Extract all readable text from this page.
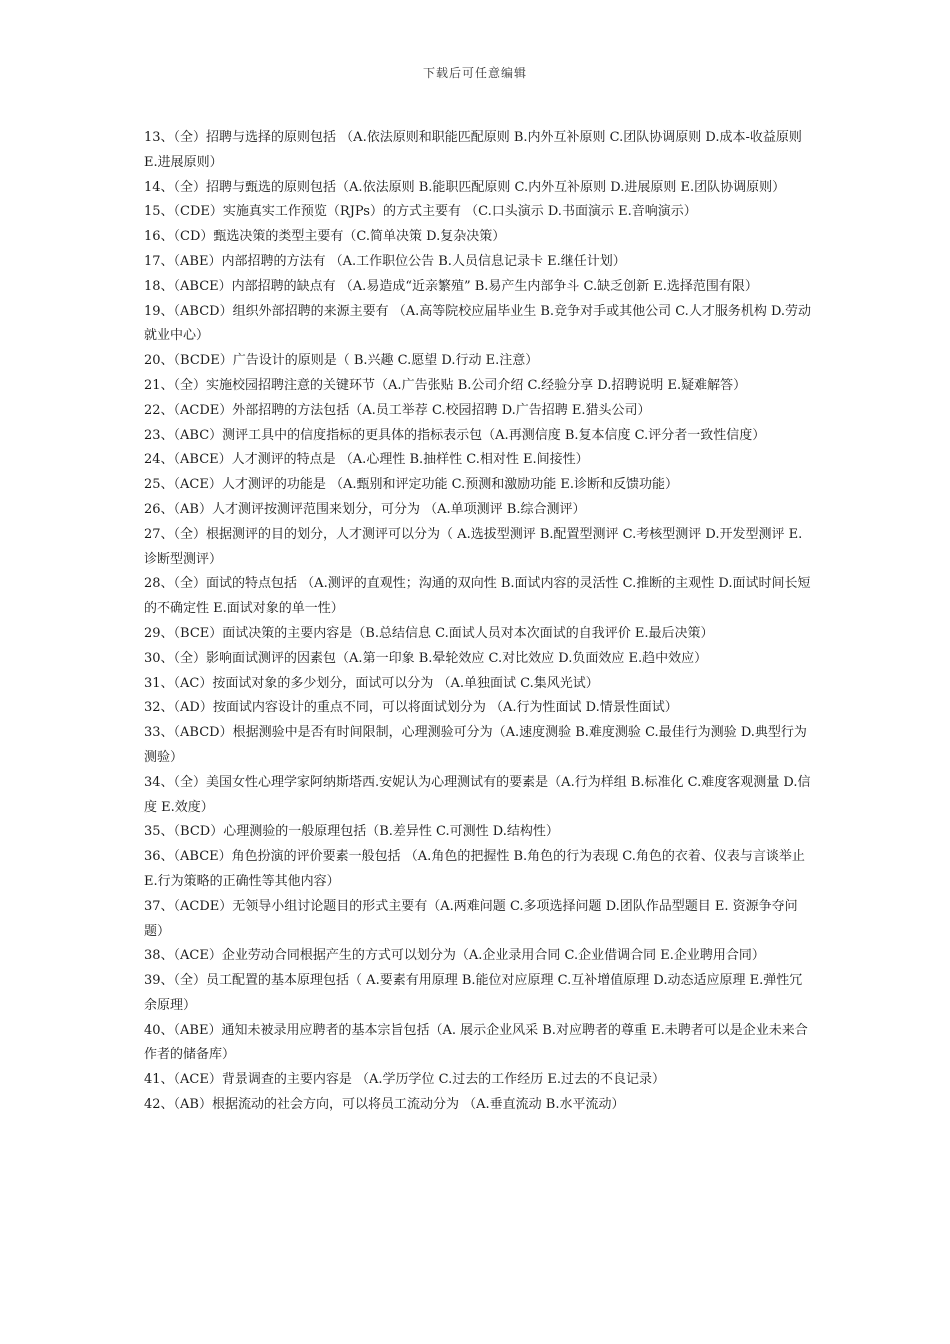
下载后可任意编辑

13、（全）招聘与选择的原则包括 （A.依法原则和职能匹配原则 B.内外互补原则 C.团队协调原则 D.成本-收益原则 E.进展原则）

14、（全）招聘与甄选的原则包括（A.依法原则 B.能职匹配原则 C.内外互补原则 D.进展原则 E.团队协调原则）

15、（CDE）实施真实工作预览（RJPs）的方式主要有 （C.口头演示 D.书面演示 E.音响演示）

16、（CD）甄选决策的类型主要有（C.简单决策 D.复杂决策）

17、（ABE）内部招聘的方法有 （A.工作职位公告 B.人员信息记录卡 E.继任计划）

18、（ABCE）内部招聘的缺点有 （A.易造成“近亲繁殖” B.易产生内部争斗 C.缺乏创新 E.选择范围有限）

19、（ABCD）组织外部招聘的来源主要有 （A.高等院校应届毕业生 B.竞争对手或其他公司 C.人才服务机构 D.劳动就业中心）

20、（BCDE）广告设计的原则是（ B.兴趣 C.愿望 D.行动 E.注意）

21、（全）实施校园招聘注意的关键环节（A.广告张贴 B.公司介绍 C.经验分享 D.招聘说明 E.疑难解答）

22、（ACDE）外部招聘的方法包括（A.员工举荐 C.校园招聘 D.广告招聘 E.猎头公司）

23、（ABC）测评工具中的信度指标的更具体的指标表示包（A.再测信度 B.复本信度 C.评分者一致性信度）

24、（ABCE）人才测评的特点是 （A.心理性 B.抽样性 C.相对性 E.间接性）

25、（ACE）人才测评的功能是 （A.甄别和评定功能 C.预测和激励功能 E.诊断和反馈功能）

26、（AB）人才测评按测评范围来划分，可分为 （A.单项测评 B.综合测评）

27、（全）根据测评的目的划分，人才测评可以分为（ A.选拔型测评 B.配置型测评 C.考核型测评 D.开发型测评 E.诊断型测评）

28、（全）面试的特点包括 （A.测评的直观性；沟通的双向性 B.面试内容的灵活性 C.推断的主观性 D.面试时间长短的不确定性 E.面试对象的单一性）

29、（BCE）面试决策的主要内容是（B.总结信息 C.面试人员对本次面试的自我评价 E.最后决策）

30、（全）影响面试测评的因素包（A.第一印象 B.晕轮效应 C.对比效应 D.负面效应 E.趋中效应）

31、（AC）按面试对象的多少划分，面试可以分为 （A.单独面试 C.集风光试）

32、（AD）按面试内容设计的重点不同，可以将面试划分为 （A.行为性面试 D.情景性面试）

33、（ABCD）根据测验中是否有时间限制，心理测验可分为（A.速度测验 B.难度测验 C.最佳行为测验 D.典型行为测验）

34、（全）美国女性心理学家阿纳斯塔西.安妮认为心理测试有的要素是（A.行为样组 B.标准化 C.难度客观测量 D.信度 E.效度）

35、（BCD）心理测验的一般原理包括（B.差异性 C.可测性 D.结构性）

36、（ABCE）角色扮演的评价要素一般包括 （A.角色的把握性 B.角色的行为表现 C.角色的衣着、仪表与言谈举止 E.行为策略的正确性等其他内容）

37、（ACDE）无领导小组讨论题目的形式主要有（A.两难问题 C.多项选择问题 D.团队作品型题目 E. 资源争夺问题）

38、（ACE）企业劳动合同根据产生的方式可以划分为（A.企业录用合同 C.企业借调合同 E.企业聘用合同）

39、（全）员工配置的基本原理包括（ A.要素有用原理 B.能位对应原理 C.互补增值原理 D.动态适应原理 E.弹性冗余原理）

40、（ABE）通知未被录用应聘者的基本宗旨包括（A. 展示企业风采 B.对应聘者的尊重 E.未聘者可以是企业未来合作者的储备库）

41、（ACE）背景调查的主要内容是 （A.学历学位 C.过去的工作经历 E.过去的不良记录）

42、（AB）根据流动的社会方向，可以将员工流动分为 （A.垂直流动 B.水平流动）
